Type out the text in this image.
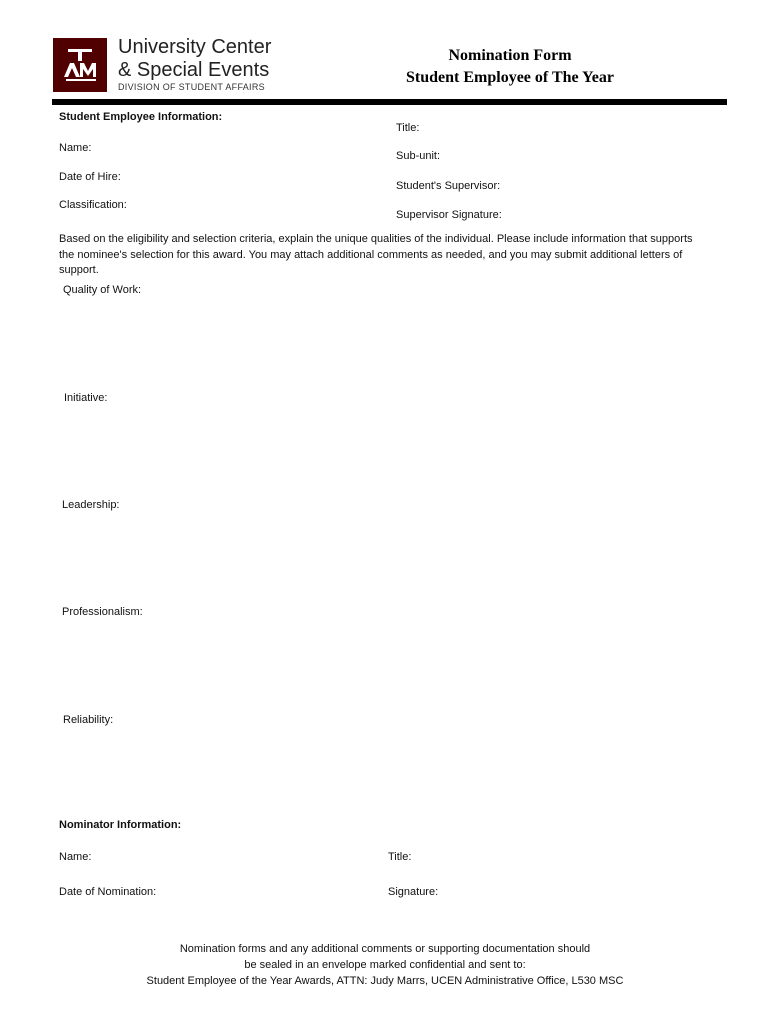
University Center
& Special Events
DIVISION OF STUDENT AFFAIRS
Nomination Form
Student Employee of The Year
Student Employee Information:
Name:
Date of Hire:
Classification:
Title:
Sub-unit:
Student's Supervisor:
Supervisor Signature:
Based on the eligibility and selection criteria, explain the unique qualities of the individual. Please include information that supports the nominee's selection for this award. You may attach additional comments as needed, and you may submit additional letters of support.
Quality of Work:
Initiative:
Leadership:
Professionalism:
Reliability:
Nominator Information:
Name:	Title:
Date of Nomination:	Signature:
Nomination forms and any additional comments or supporting documentation should
be sealed in an envelope marked confidential and sent to:
Student Employee of the Year Awards, ATTN: Judy Marrs, UCEN Administrative Office, L530 MSC
